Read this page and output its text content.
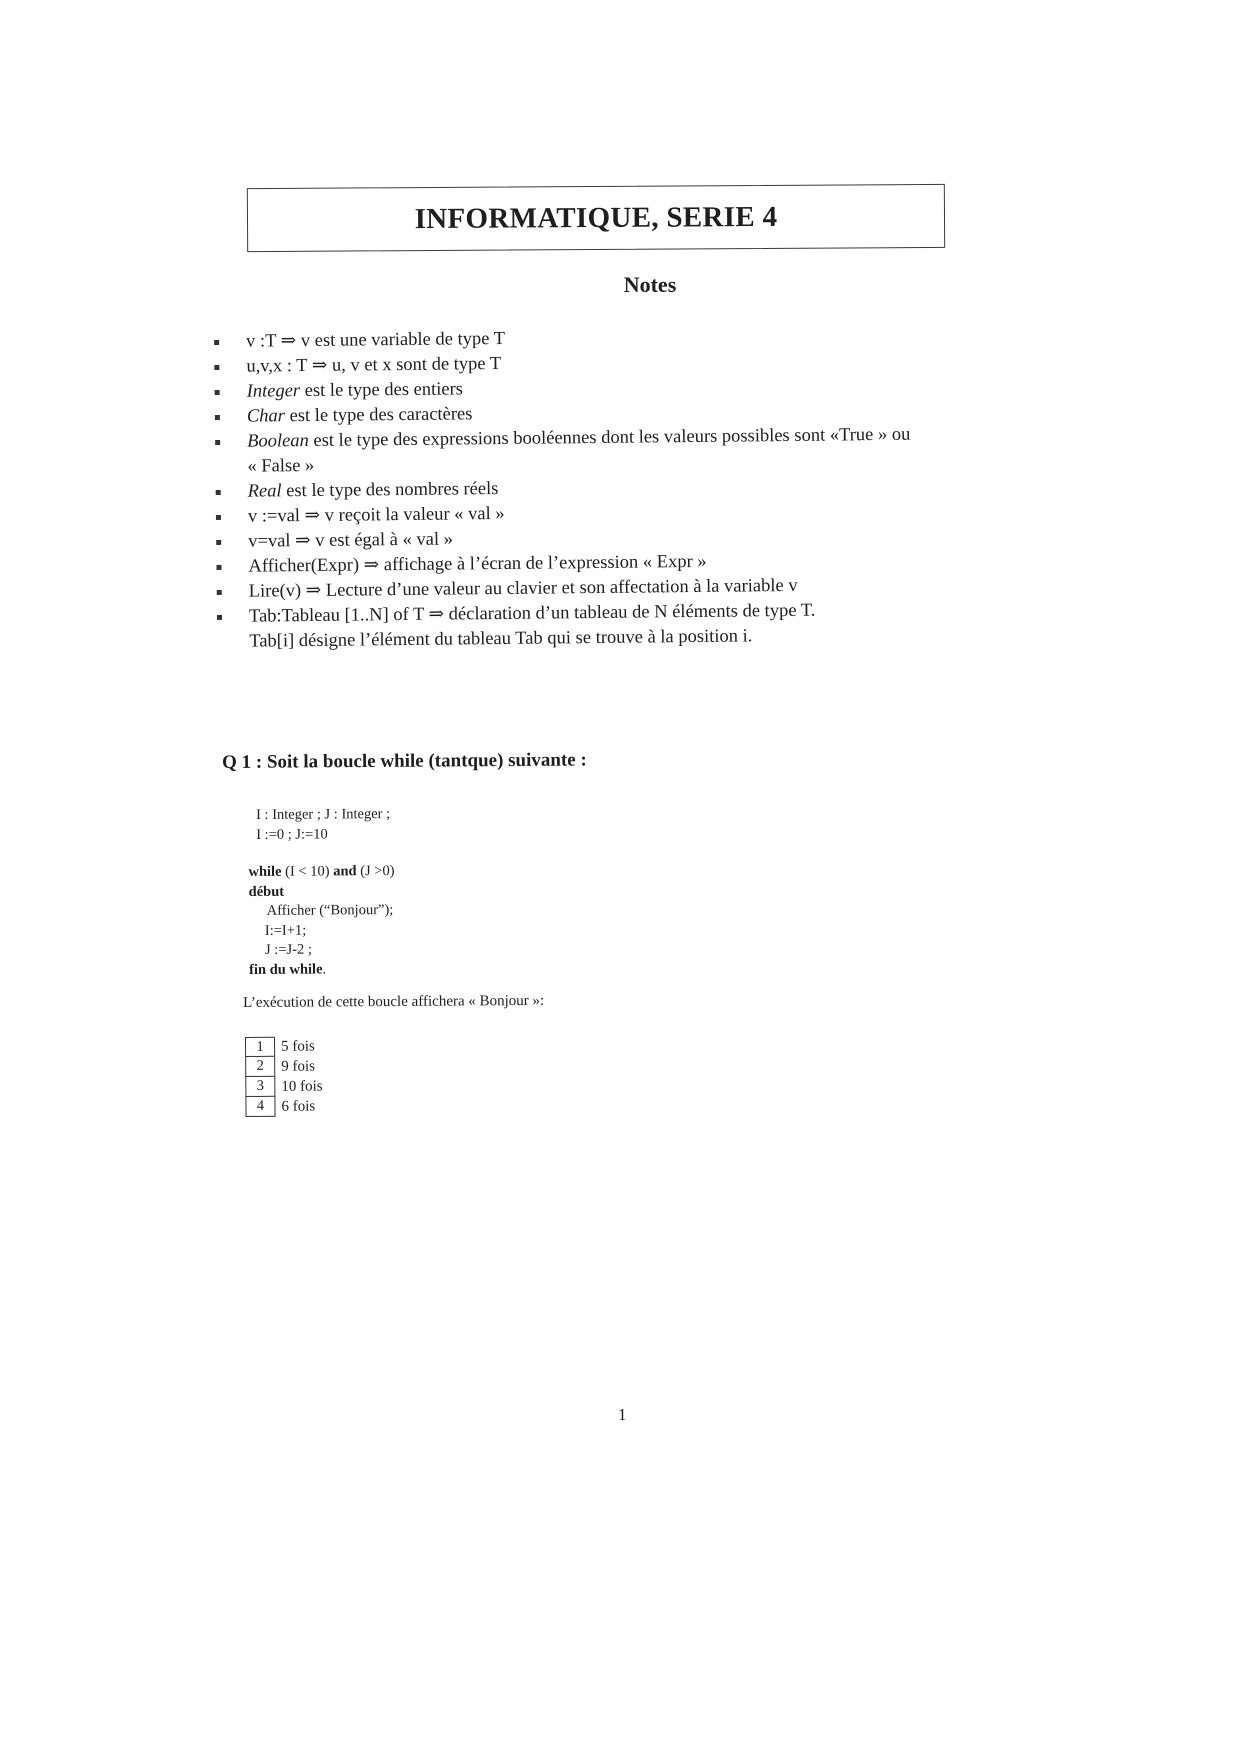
INFORMATIQUE, SERIE 4
Notes
v :T ⇒ v est une variable de type T
u,v,x : T ⇒ u, v et x sont de type T
Integer est le type des entiers
Char est le type des caractères
Boolean est le type des expressions booléennes dont les valeurs possibles sont «True » ou
« False »
Real est le type des nombres réels
v :=val ⇒ v reçoit la valeur « val »
v=val ⇒ v est égal à « val »
Afficher(Expr) ⇒ affichage à l’écran de l’expression « Expr »
Lire(v) ⇒ Lecture d’une valeur au clavier et son affectation à la variable v
Tab:Tableau [1..N] of T ⇒ déclaration d’un tableau de N éléments de type T.
Tab[i] désigne l’élément du tableau Tab qui se trouve à la position i.
Q 1 : Soit la boucle while (tantque) suivante :
I : Integer ; J : Integer ;
I :=0 ; J:=10
while (I < 10) and (J >0)
début
Afficher (“Bonjour”);
I:=I+1;
J :=J-2 ;
fin du while.
L’exécution de cette boucle affichera « Bonjour »:
1	5 fois
2	9 fois
3	10 fois
4	6 fois
1
